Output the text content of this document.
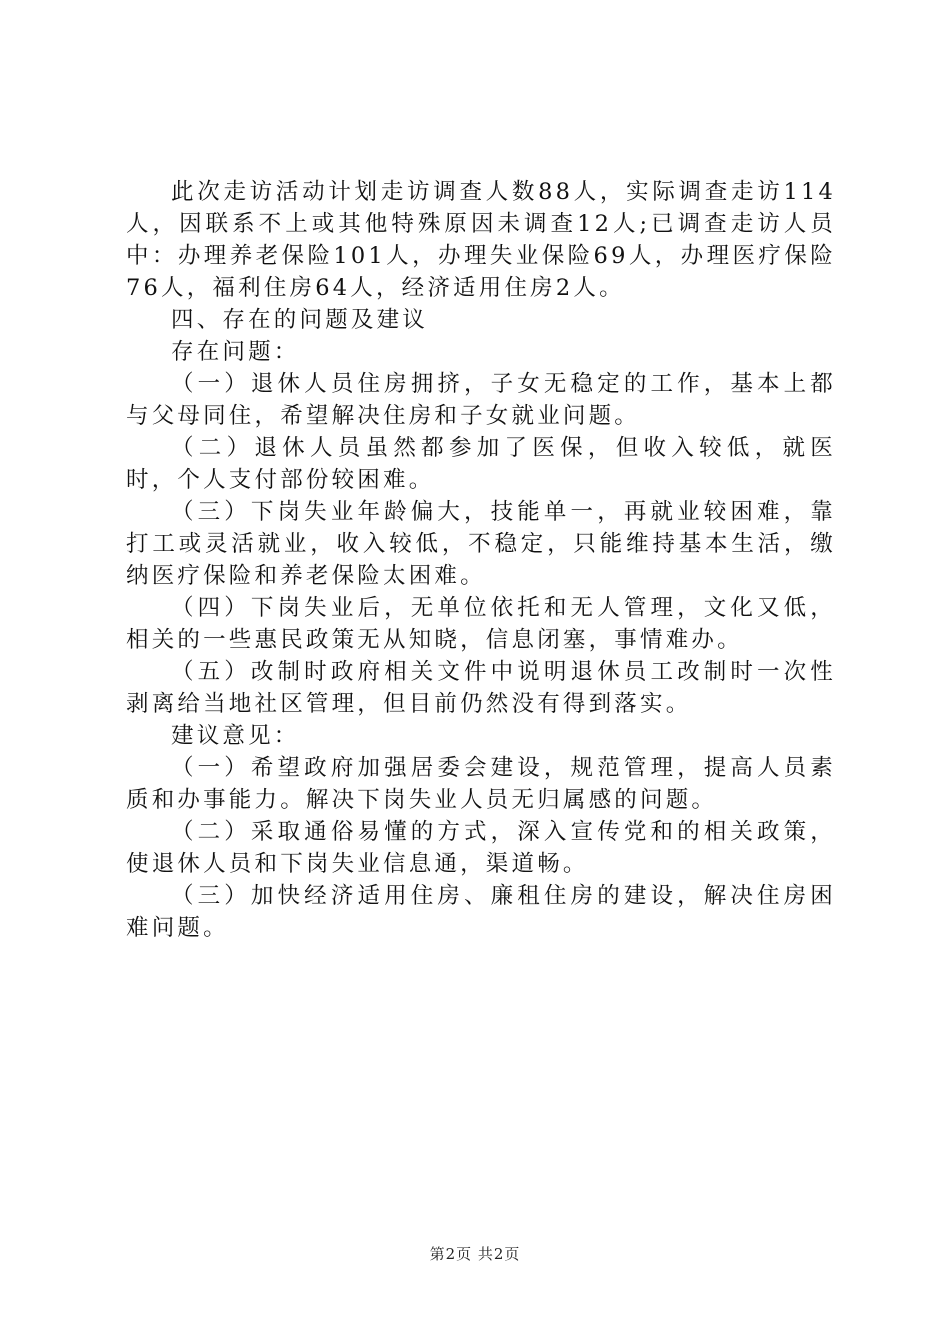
此次走访活动计划走访调查人数88人，实际调查走访114人，因联系不上或其他特殊原因未调查12人;已调查走访人员中：办理养老保险101人，办理失业保险69人，办理医疗保险76人，福利住房64人，经济适用住房2人。

四、存在的问题及建议

存在问题：

（一）退休人员住房拥挤，子女无稳定的工作，基本上都与父母同住，希望解决住房和子女就业问题。

（二）退休人员虽然都参加了医保，但收入较低，就医时，个人支付部份较困难。

（三）下岗失业年龄偏大，技能单一，再就业较困难，靠打工或灵活就业，收入较低，不稳定，只能维持基本生活，缴纳医疗保险和养老保险太困难。

（四）下岗失业后，无单位依托和无人管理，文化又低，相关的一些惠民政策无从知晓，信息闭塞，事情难办。

（五）改制时政府相关文件中说明退休员工改制时一次性剥离给当地社区管理，但目前仍然没有得到落实。

建议意见：

（一）希望政府加强居委会建设，规范管理，提高人员素质和办事能力。解决下岗失业人员无归属感的问题。

（二）采取通俗易懂的方式，深入宣传党和的相关政策，使退休人员和下岗失业信息通，渠道畅。

（三）加快经济适用住房、廉租住房的建设，解决住房困难问题。

第2页 共2页
